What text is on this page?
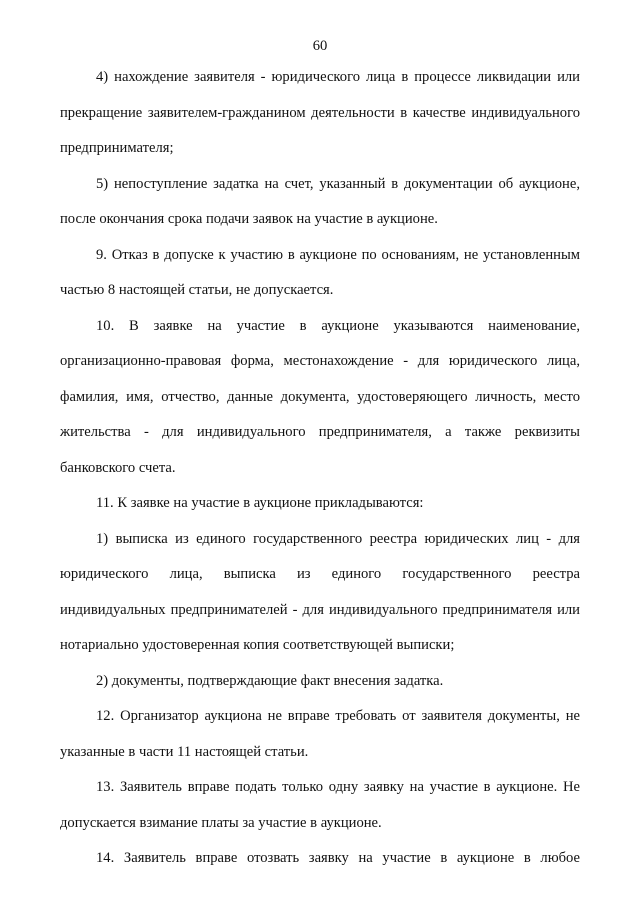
60

4) нахождение заявителя - юридического лица в процессе ликвидации или прекращение заявителем-гражданином деятельности в качестве индивидуального предпринимателя;

5) непоступление задатка на счет, указанный в документации об аукционе, после окончания срока подачи заявок на участие в аукционе.

9. Отказ в допуске к участию в аукционе по основаниям, не установленным частью 8 настоящей статьи, не допускается.

10. В заявке на участие в аукционе указываются наименование, организационно-правовая форма, местонахождение - для юридического лица, фамилия, имя, отчество, данные документа, удостоверяющего личность, место жительства - для индивидуального предпринимателя, а также реквизиты банковского счета.

11. К заявке на участие в аукционе прикладываются:

1) выписка из единого государственного реестра юридических лиц - для юридического лица, выписка из единого государственного реестра индивидуальных предпринимателей - для индивидуального предпринимателя или нотариально удостоверенная копия соответствующей выписки;

2) документы, подтверждающие факт внесения задатка.

12. Организатор аукциона не вправе требовать от заявителя документы, не указанные в части 11 настоящей статьи.

13. Заявитель вправе подать только одну заявку на участие в аукционе. Не допускается взимание платы за участие в аукционе.

14. Заявитель вправе отозвать заявку на участие в аукционе в любое
